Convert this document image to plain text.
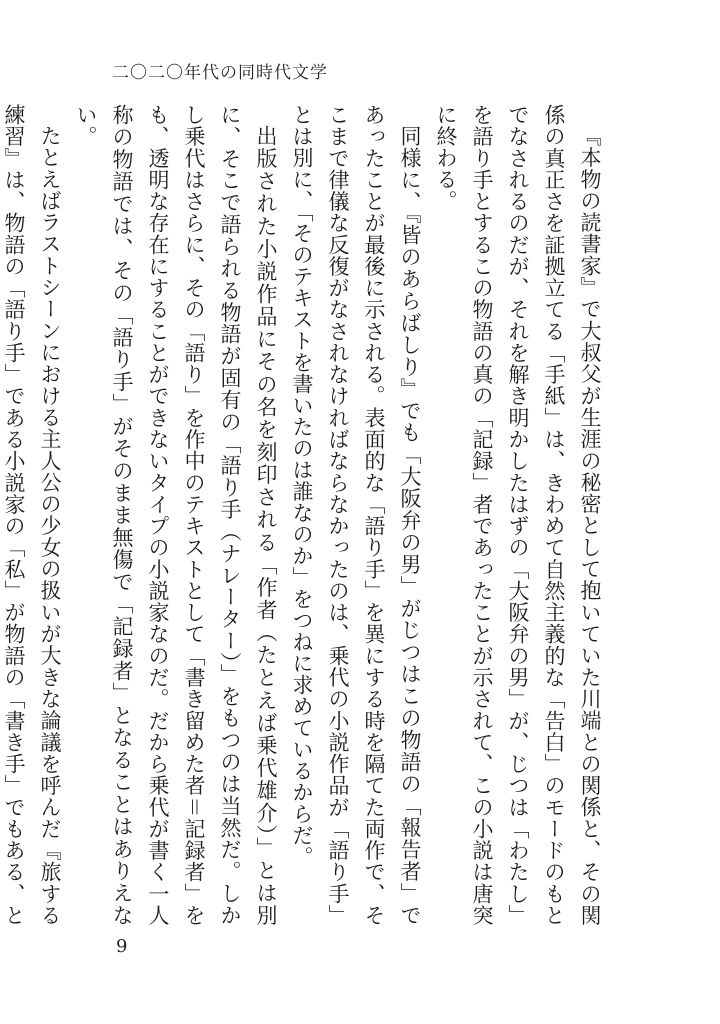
二〇二〇年代の同時代文学

『本物の読書家』で大叔父が生涯の秘密として抱いていた川端との関係と、その関係の真正さを証拠立てる「手紙」は、きわめて自然主義的な「告白」のモードのもとでなされるのだが、それを解き明かしたはずの「大阪弁の男」が、じつは「わたし」を語り手とするこの物語の真の「記録」者であったことが示されて、この小説は唐突に終わる。

同様に、『皆のあらばしり』でも「大阪弁の男」がじつはこの物語の「報告者」であったことが最後に示される。表面的な「語り手」を異にする時を隔てた両作で、そこまで律儀な反復がなされなければならなかったのは、乗代の小説作品が「語り手」とは別に、「そのテキストを書いたのは誰なのか」をつねに求めているからだ。

出版された小説作品にその名を刻印される「作者（たとえば乗代雄介）」とは別に、そこで語られる物語が固有の「語り手（ナレーター）」をもつのは当然だ。しかし乗代はさらに、その「語り」を作中のテキストとして「書き留めた者＝記録者」をも、透明な存在にすることができないタイプの小説家なのだ。だから乗代が書く一人称の物語では、その「語り手」がそのまま無傷で「記録者」となることはありえない。

たとえばラストシーンにおける主人公の少女の扱いが大きな論議を呼んだ『旅する練習』は、物語の「語り手」である小説家の「私」が物語の「書き手」でもある、と

9
